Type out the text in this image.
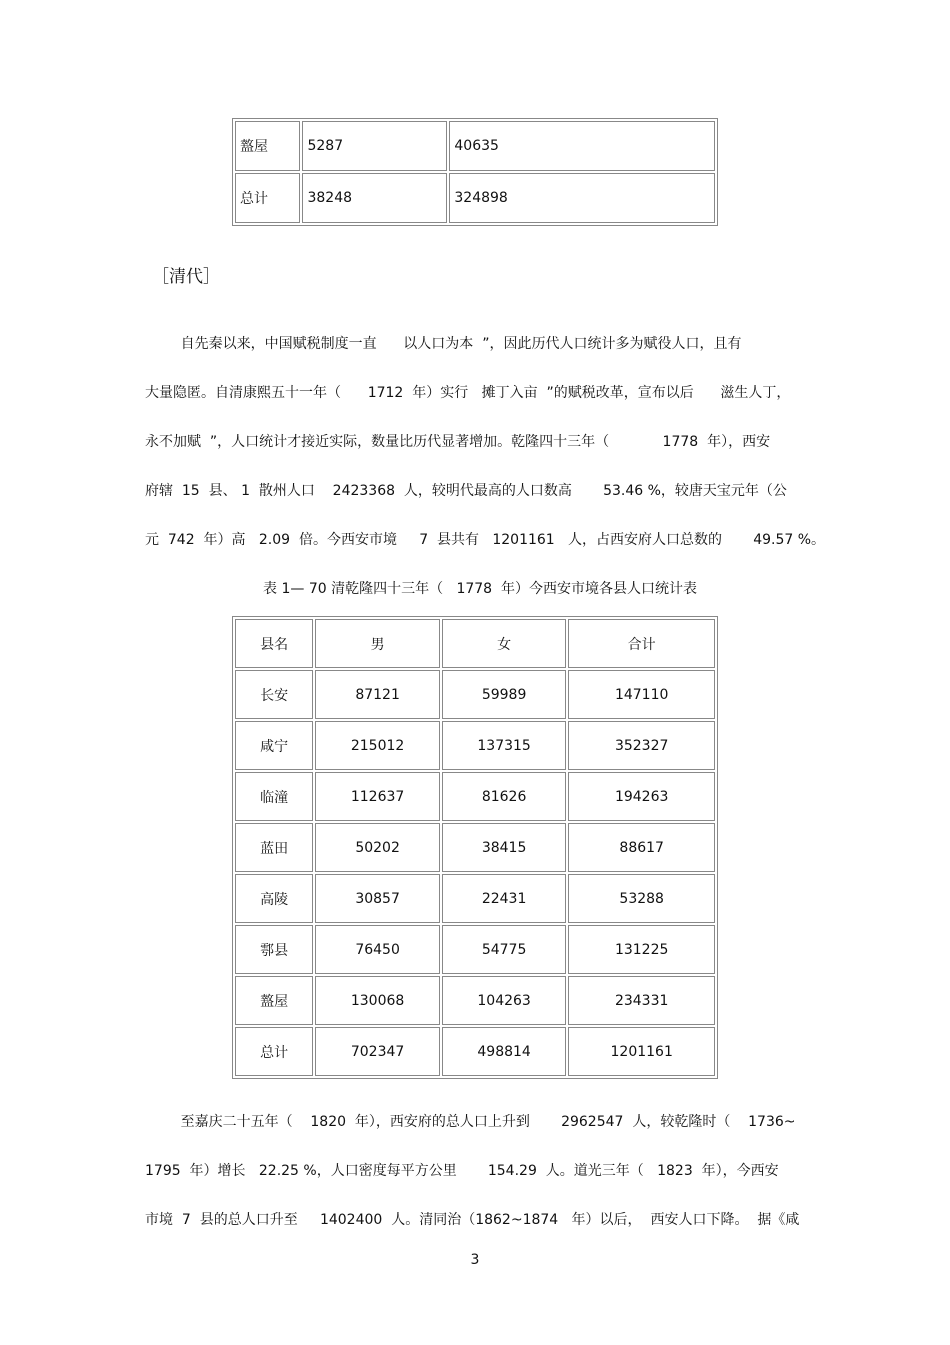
盩屋	5287	40635
总计	38248	324898
［清代］
自先秦以来，中国赋税制度一直      以人口为本  ”，因此历代人口统计多为赋役人口，且有
大量隐匿。自清康熙五十一年（      1712  年）实行   摊丁入亩  ”的赋税改革，宣布以后      滋生人丁，
永不加赋  ”，人口统计才接近实际，数量比历代显著增加。乾隆四十三年（            1778  年），西安
府辖  15  县、 1  散州人口    2423368  人，较明代最高的人口数高       53.46 %，较唐天宝元年（公
元  742  年）高   2.09  倍。今西安市境     7  县共有   1201161   人，占西安府人口总数的       49.57 %。
表 1— 70 清乾隆四十三年（   1778  年）今西安市境各县人口统计表
县名	男	女	合计
长安	87121	59989	147110
咸宁	215012	137315	352327
临潼	112637	81626	194263
蓝田	50202	38415	88617
高陵	30857	22431	53288
鄠县	76450	54775	131225
盩屋	130068	104263	234331
总计	702347	498814	1201161
至嘉庆二十五年（    1820  年），西安府的总人口上升到       2962547  人，较乾隆时（    1736~
1795  年）增长   22.25 %，人口密度每平方公里       154.29  人。道光三年（   1823  年），今西安
市境  7  县的总人口升至     1402400  人。清同治（1862~1874   年）以后，  西安人口下降。  据《咸
3
